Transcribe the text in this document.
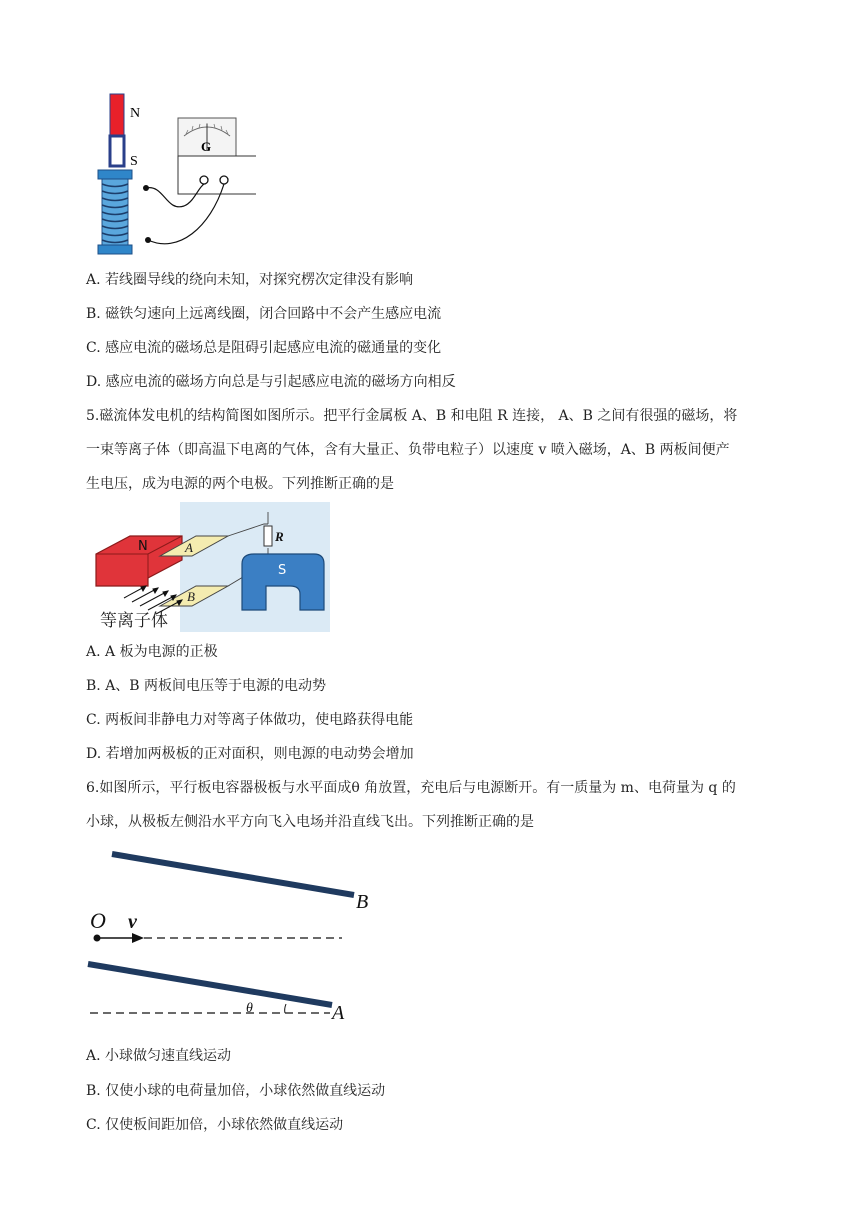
N
S
G
A. 若线圈导线的绕向未知，对探究楞次定律没有影响
B. 磁铁匀速向上远离线圈，闭合回路中不会产生感应电流
C. 感应电流的磁场总是阻碍引起感应电流的磁通量的变化
D. 感应电流的磁场方向总是与引起感应电流的磁场方向相反
5.磁流体发电机的结构简图如图所示。把平行金属板 A、B 和电阻 R 连接， A、B 之间有很强的磁场，将
一束等离子体（即高温下电离的气体，含有大量正、负带电粒子）以速度 v 喷入磁场，A、B 两板间便产
生电压，成为电源的两个电极。下列推断正确的是
N	A
B
R
S
等离子体
A. A 板为电源的正极
B. A、B 两板间电压等于电源的电动势
C. 两板间非静电力对等离子体做功，使电路获得电能
D. 若增加两极板的正对面积，则电源的电动势会增加
6.如图所示，平行板电容器极板与水平面成θ 角放置，充电后与电源断开。有一质量为 m、电荷量为 q 的
小球，从极板左侧沿水平方向飞入电场并沿直线飞出。下列推断正确的是
B
O v
θ	A
A. 小球做匀速直线运动
B. 仅使小球的电荷量加倍，小球依然做直线运动
C. 仅使板间距加倍，小球依然做直线运动
